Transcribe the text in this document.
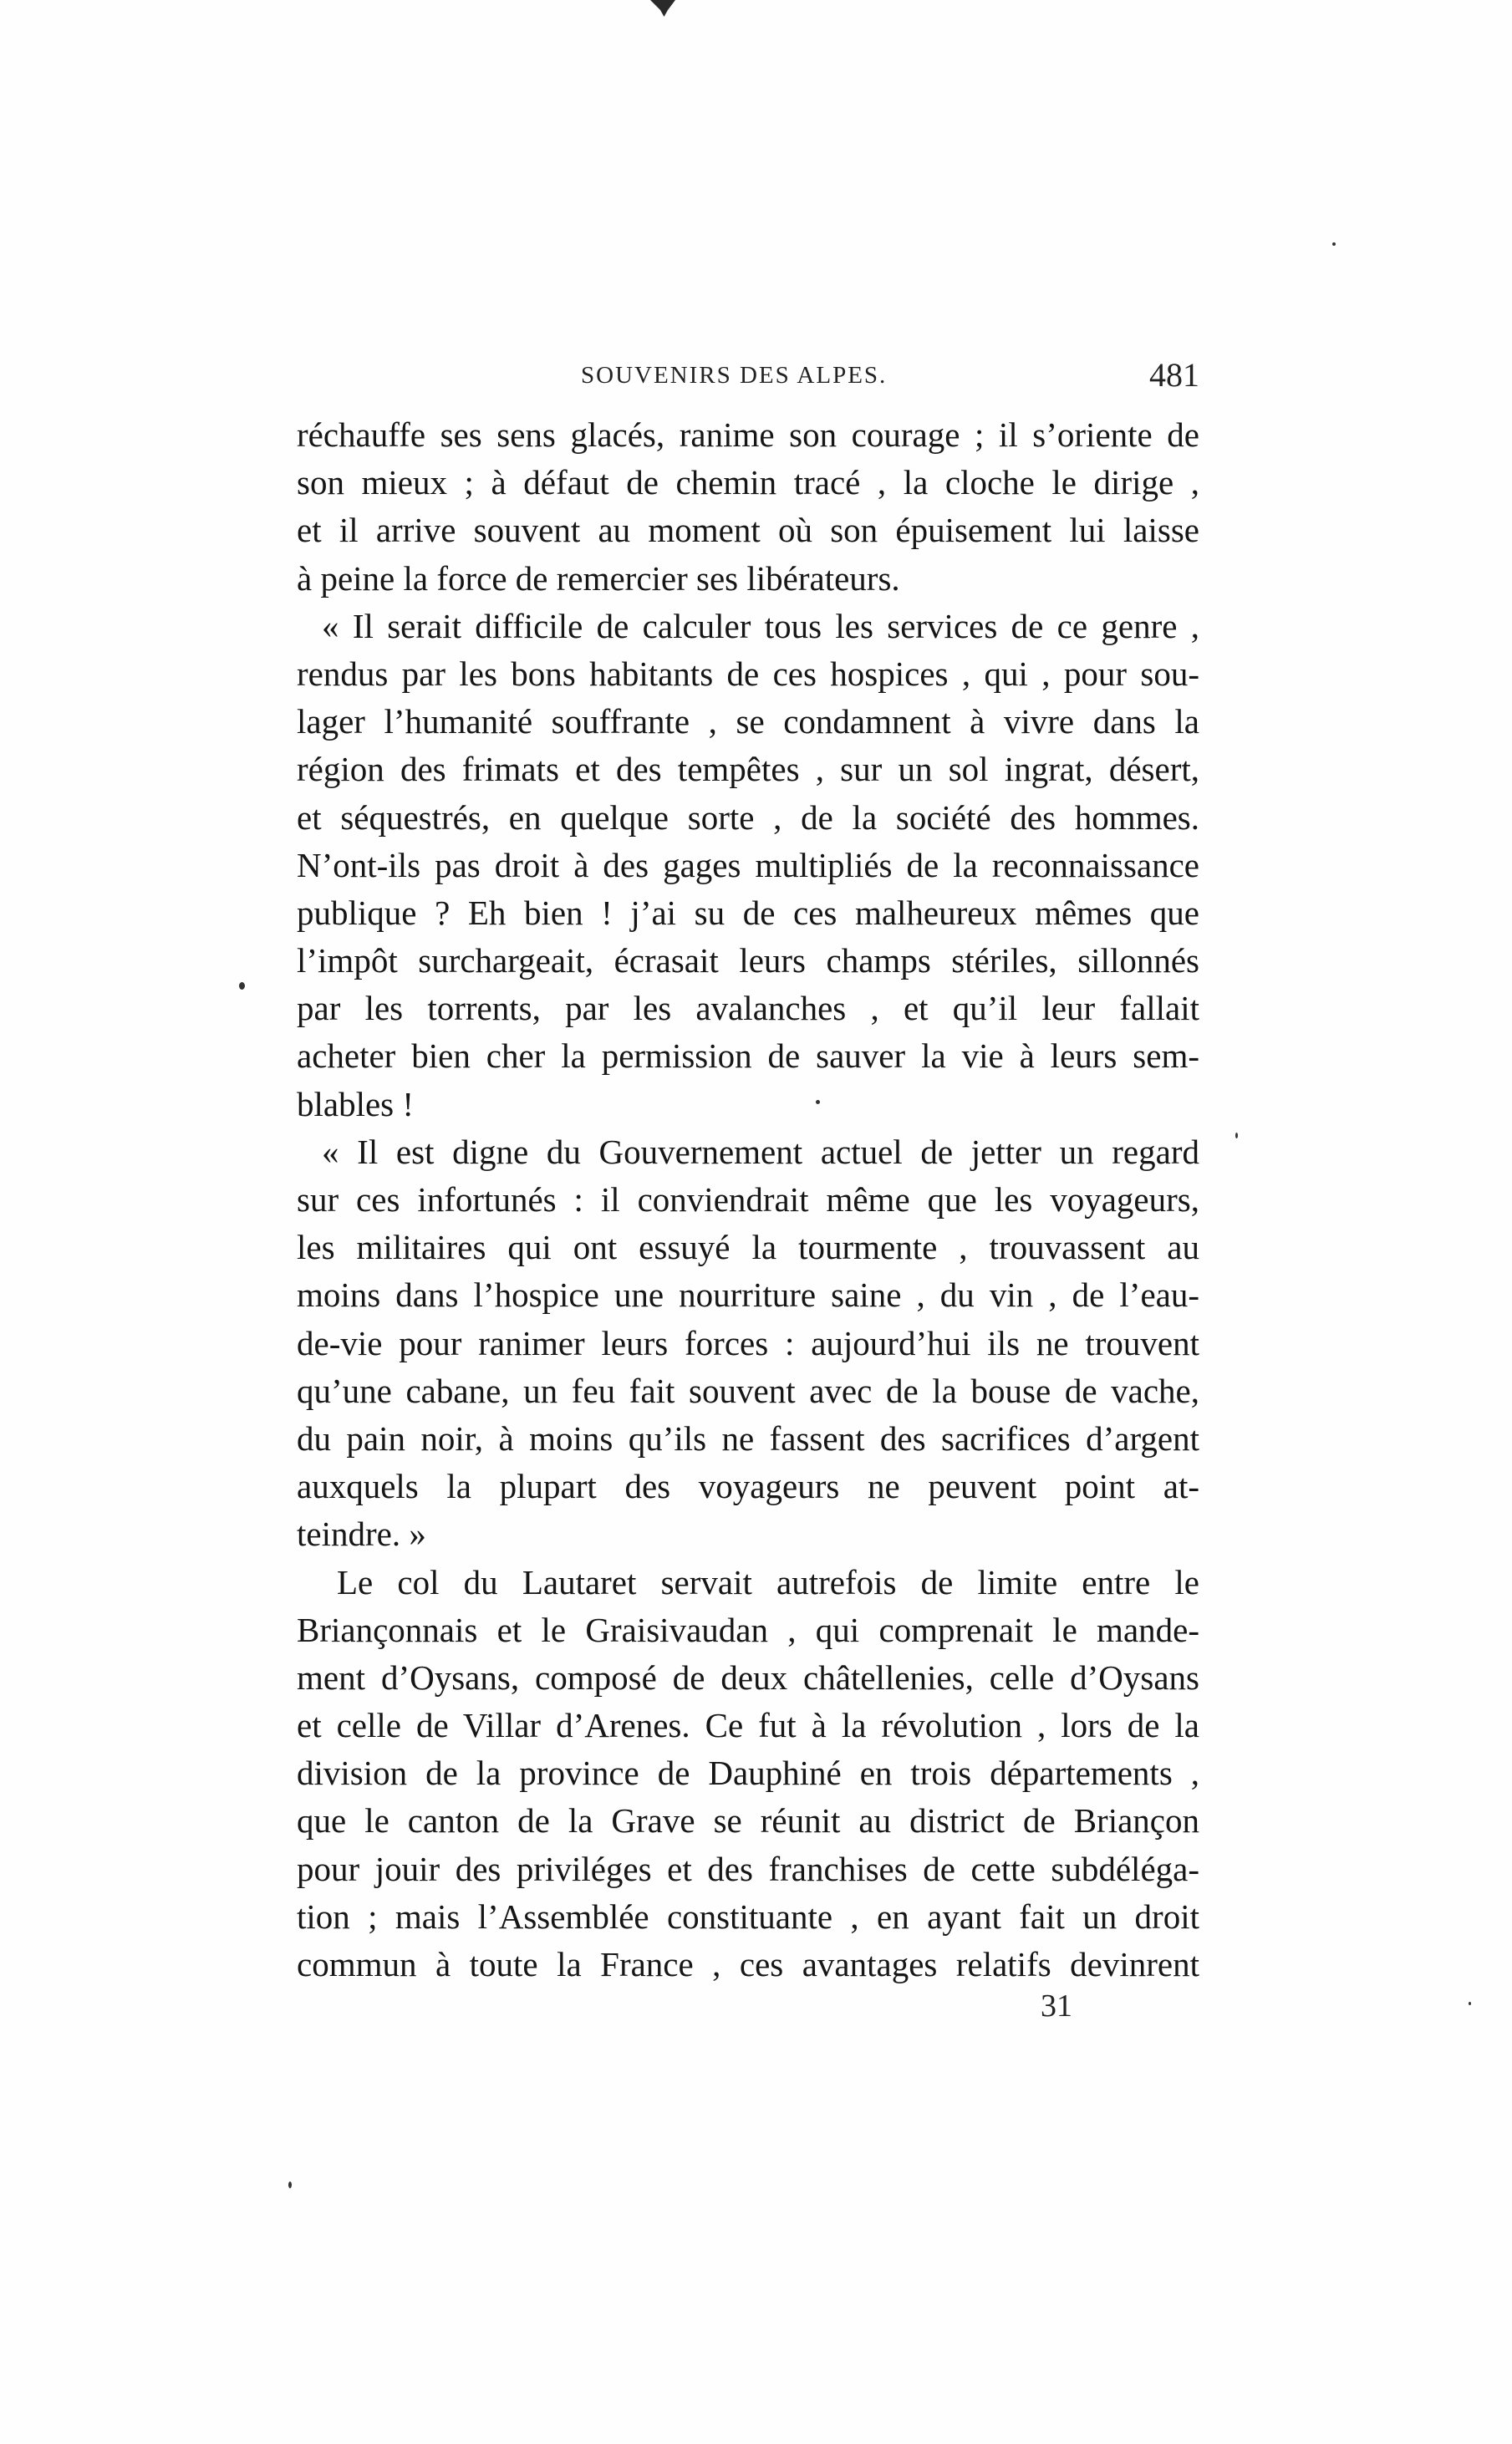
SOUVENIRS DES ALPES.	481
réchauffe ses sens glacés, ranime son courage ; il s’oriente de
son mieux ; à défaut de chemin tracé , la cloche le dirige ,
et il arrive souvent au moment où son épuisement lui laisse
à peine la force de remercier ses libérateurs.
« Il serait difficile de calculer tous les services de ce genre ,
rendus par les bons habitants de ces hospices , qui , pour sou-
lager l’humanité souffrante , se condamnent à vivre dans la
région des frimats et des tempêtes , sur un sol ingrat, désert,
et séquestrés, en quelque sorte , de la société des hommes.
N’ont-ils pas droit à des gages multipliés de la reconnaissance
publique ? Eh bien ! j’ai su de ces malheureux mêmes que
l’impôt surchargeait, écrasait leurs champs stériles, sillonnés
par les torrents, par les avalanches , et qu’il leur fallait
acheter bien cher la permission de sauver la vie à leurs sem-
blables !
« Il est digne du Gouvernement actuel de jetter un regard
sur ces infortunés : il conviendrait même que les voyageurs,
les militaires qui ont essuyé la tourmente , trouvassent au
moins dans l’hospice une nourriture saine , du vin , de l’eau-
de-vie pour ranimer leurs forces : aujourd’hui ils ne trouvent
qu’une cabane, un feu fait souvent avec de la bouse de vache,
du pain noir, à moins qu’ils ne fassent des sacrifices d’argent
auxquels la plupart des voyageurs ne peuvent point at-
teindre. »
Le col du Lautaret servait autrefois de limite entre le
Briançonnais et le Graisivaudan , qui comprenait le mande-
ment d’Oysans, composé de deux châtellenies, celle d’Oysans
et celle de Villar d’Arenes. Ce fut à la révolution , lors de la
division de la province de Dauphiné en trois départements ,
que le canton de la Grave se réunit au district de Briançon
pour jouir des priviléges et des franchises de cette subdéléga-
tion ; mais l’Assemblée constituante , en ayant fait un droit
commun à toute la France , ces avantages relatifs devinrent
31
